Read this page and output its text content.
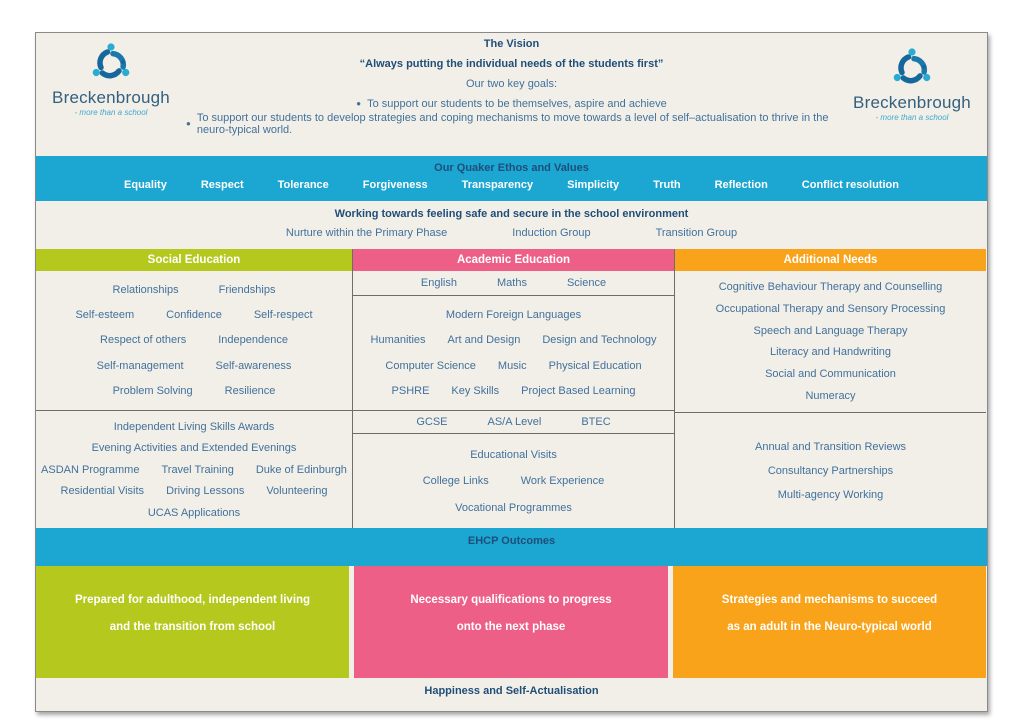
Breckenbrough
- more than a school
The Vision
“Always putting the individual needs of the students first”
Our two key goals:
● To support our students to be themselves, aspire and achieve
● To support our students to develop strategies and coping mechanisms to move towards a level of self–actualisation to thrive in the neuro-typical world.
Breckenbrough
- more than a school
Our Quaker Ethos and Values
Equality	Respect	Tolerance	Forgiveness	Transparency	Simplicity	Truth	Reflection	Conflict resolution
Working towards feeling safe and secure in the school environment
Nurture within the Primary Phase	Induction Group	Transition Group
Social Education
Relationships	Friendships
Self-esteem	Confidence	Self-respect
Respect of others	Independence
Self-management	Self-awareness
Problem Solving	Resilience
Independent Living Skills Awards
Evening Activities and Extended Evenings
ASDAN Programme Travel Training Duke of Edinburgh
Residential Visits Driving Lessons Volunteering
UCAS Applications
Academic Education
English	Maths	Science
Modern Foreign Languages
Humanities Art and Design Design and Technology
Computer Science Music Physical Education
PSHRE Key Skills Project Based Learning
GCSE	AS/A Level	BTEC
Educational Visits
College Links	Work Experience
Vocational Programmes
Additional Needs
Cognitive Behaviour Therapy and Counselling
Occupational Therapy and Sensory Processing
Speech and Language Therapy
Literacy and Handwriting
Social and Communication
Numeracy
Annual and Transition Reviews
Consultancy Partnerships
Multi-agency Working
EHCP Outcomes
Prepared for adulthood, independent living
and the transition from school
Necessary qualifications to progress
onto the next phase
Strategies and mechanisms to succeed
as an adult in the Neuro-typical world
Happiness and Self-Actualisation
